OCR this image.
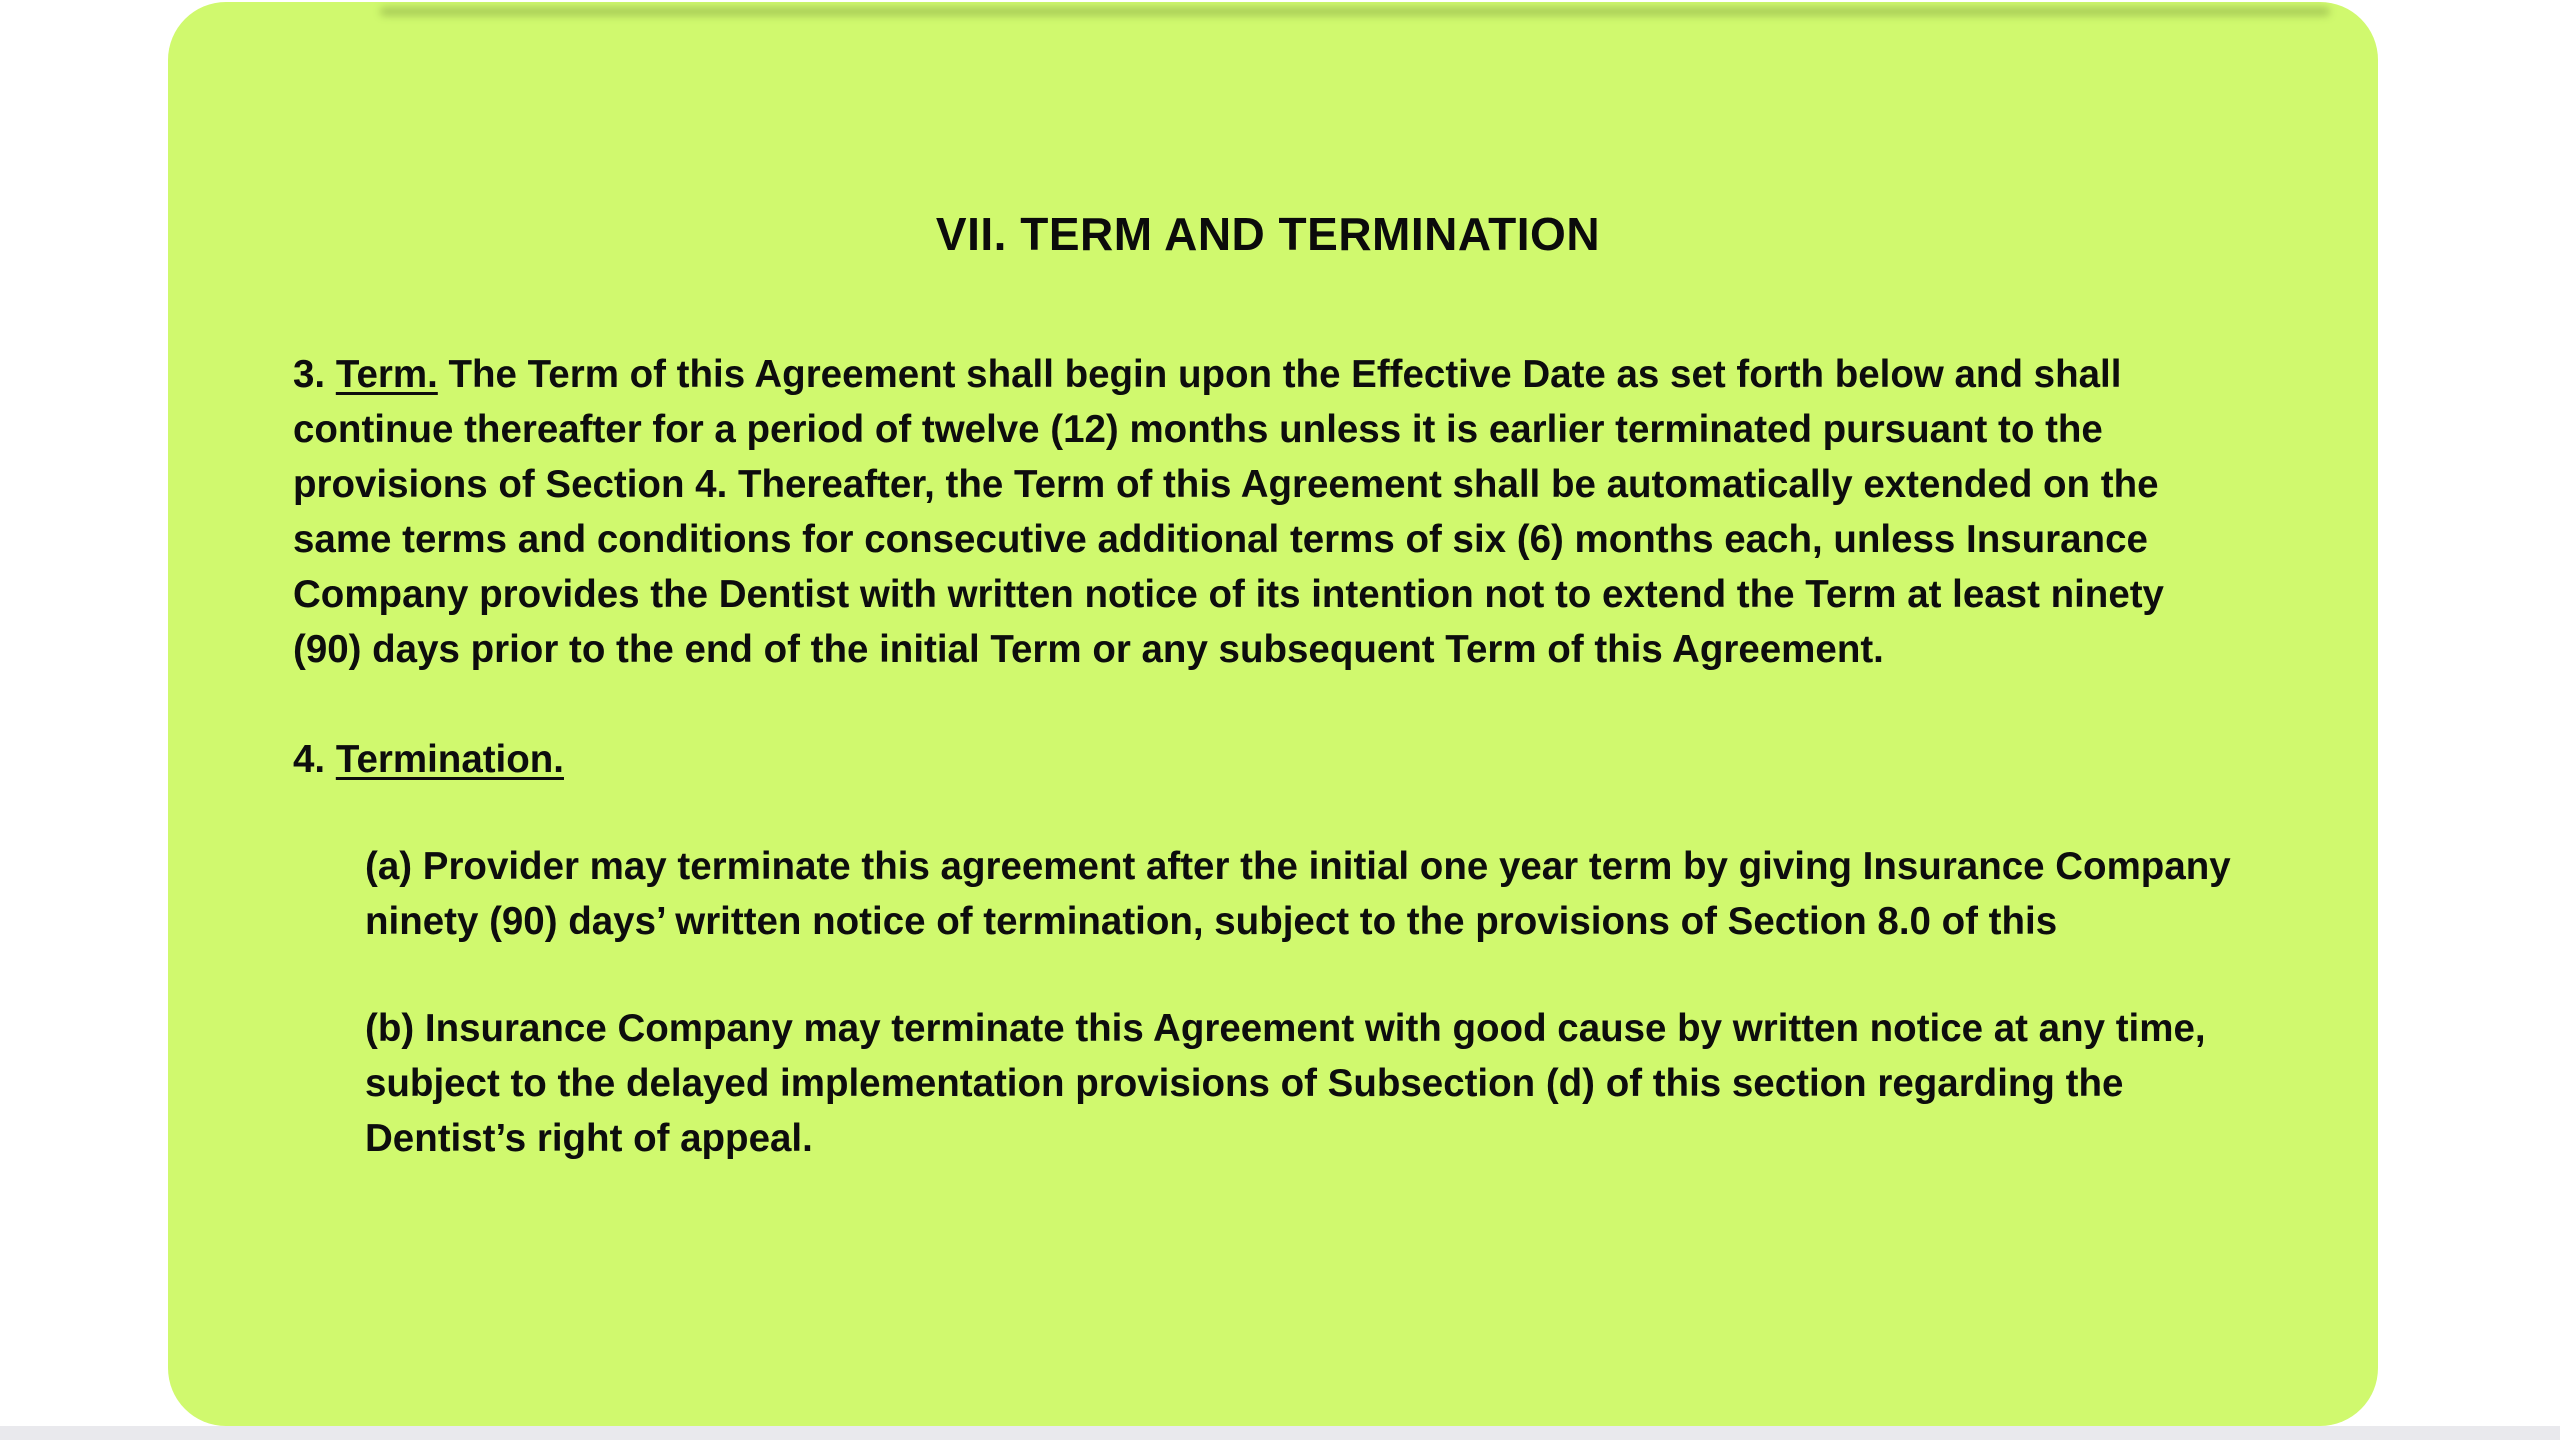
VII. TERM AND TERMINATION

3. Term. The Term of this Agreement shall begin upon the Effective Date as set forth below and shall continue thereafter for a period of twelve (12) months unless it is earlier terminated pursuant to the provisions of Section 4. Thereafter, the Term of this Agreement shall be automatically extended on the same terms and conditions for consecutive additional terms of six (6) months each, unless Insurance Company provides the Dentist with written notice of its intention not to extend the Term at least ninety (90) days prior to the end of the initial Term or any subsequent Term of this Agreement.

4. Termination.

(a) Provider may terminate this agreement after the initial one year term by giving Insurance Company ninety (90) days’ written notice of termination, subject to the provisions of Section 8.0 of this

(b) Insurance Company may terminate this Agreement with good cause by written notice at any time, subject to the delayed implementation provisions of Subsection (d) of this section regarding the Dentist’s right of appeal.
